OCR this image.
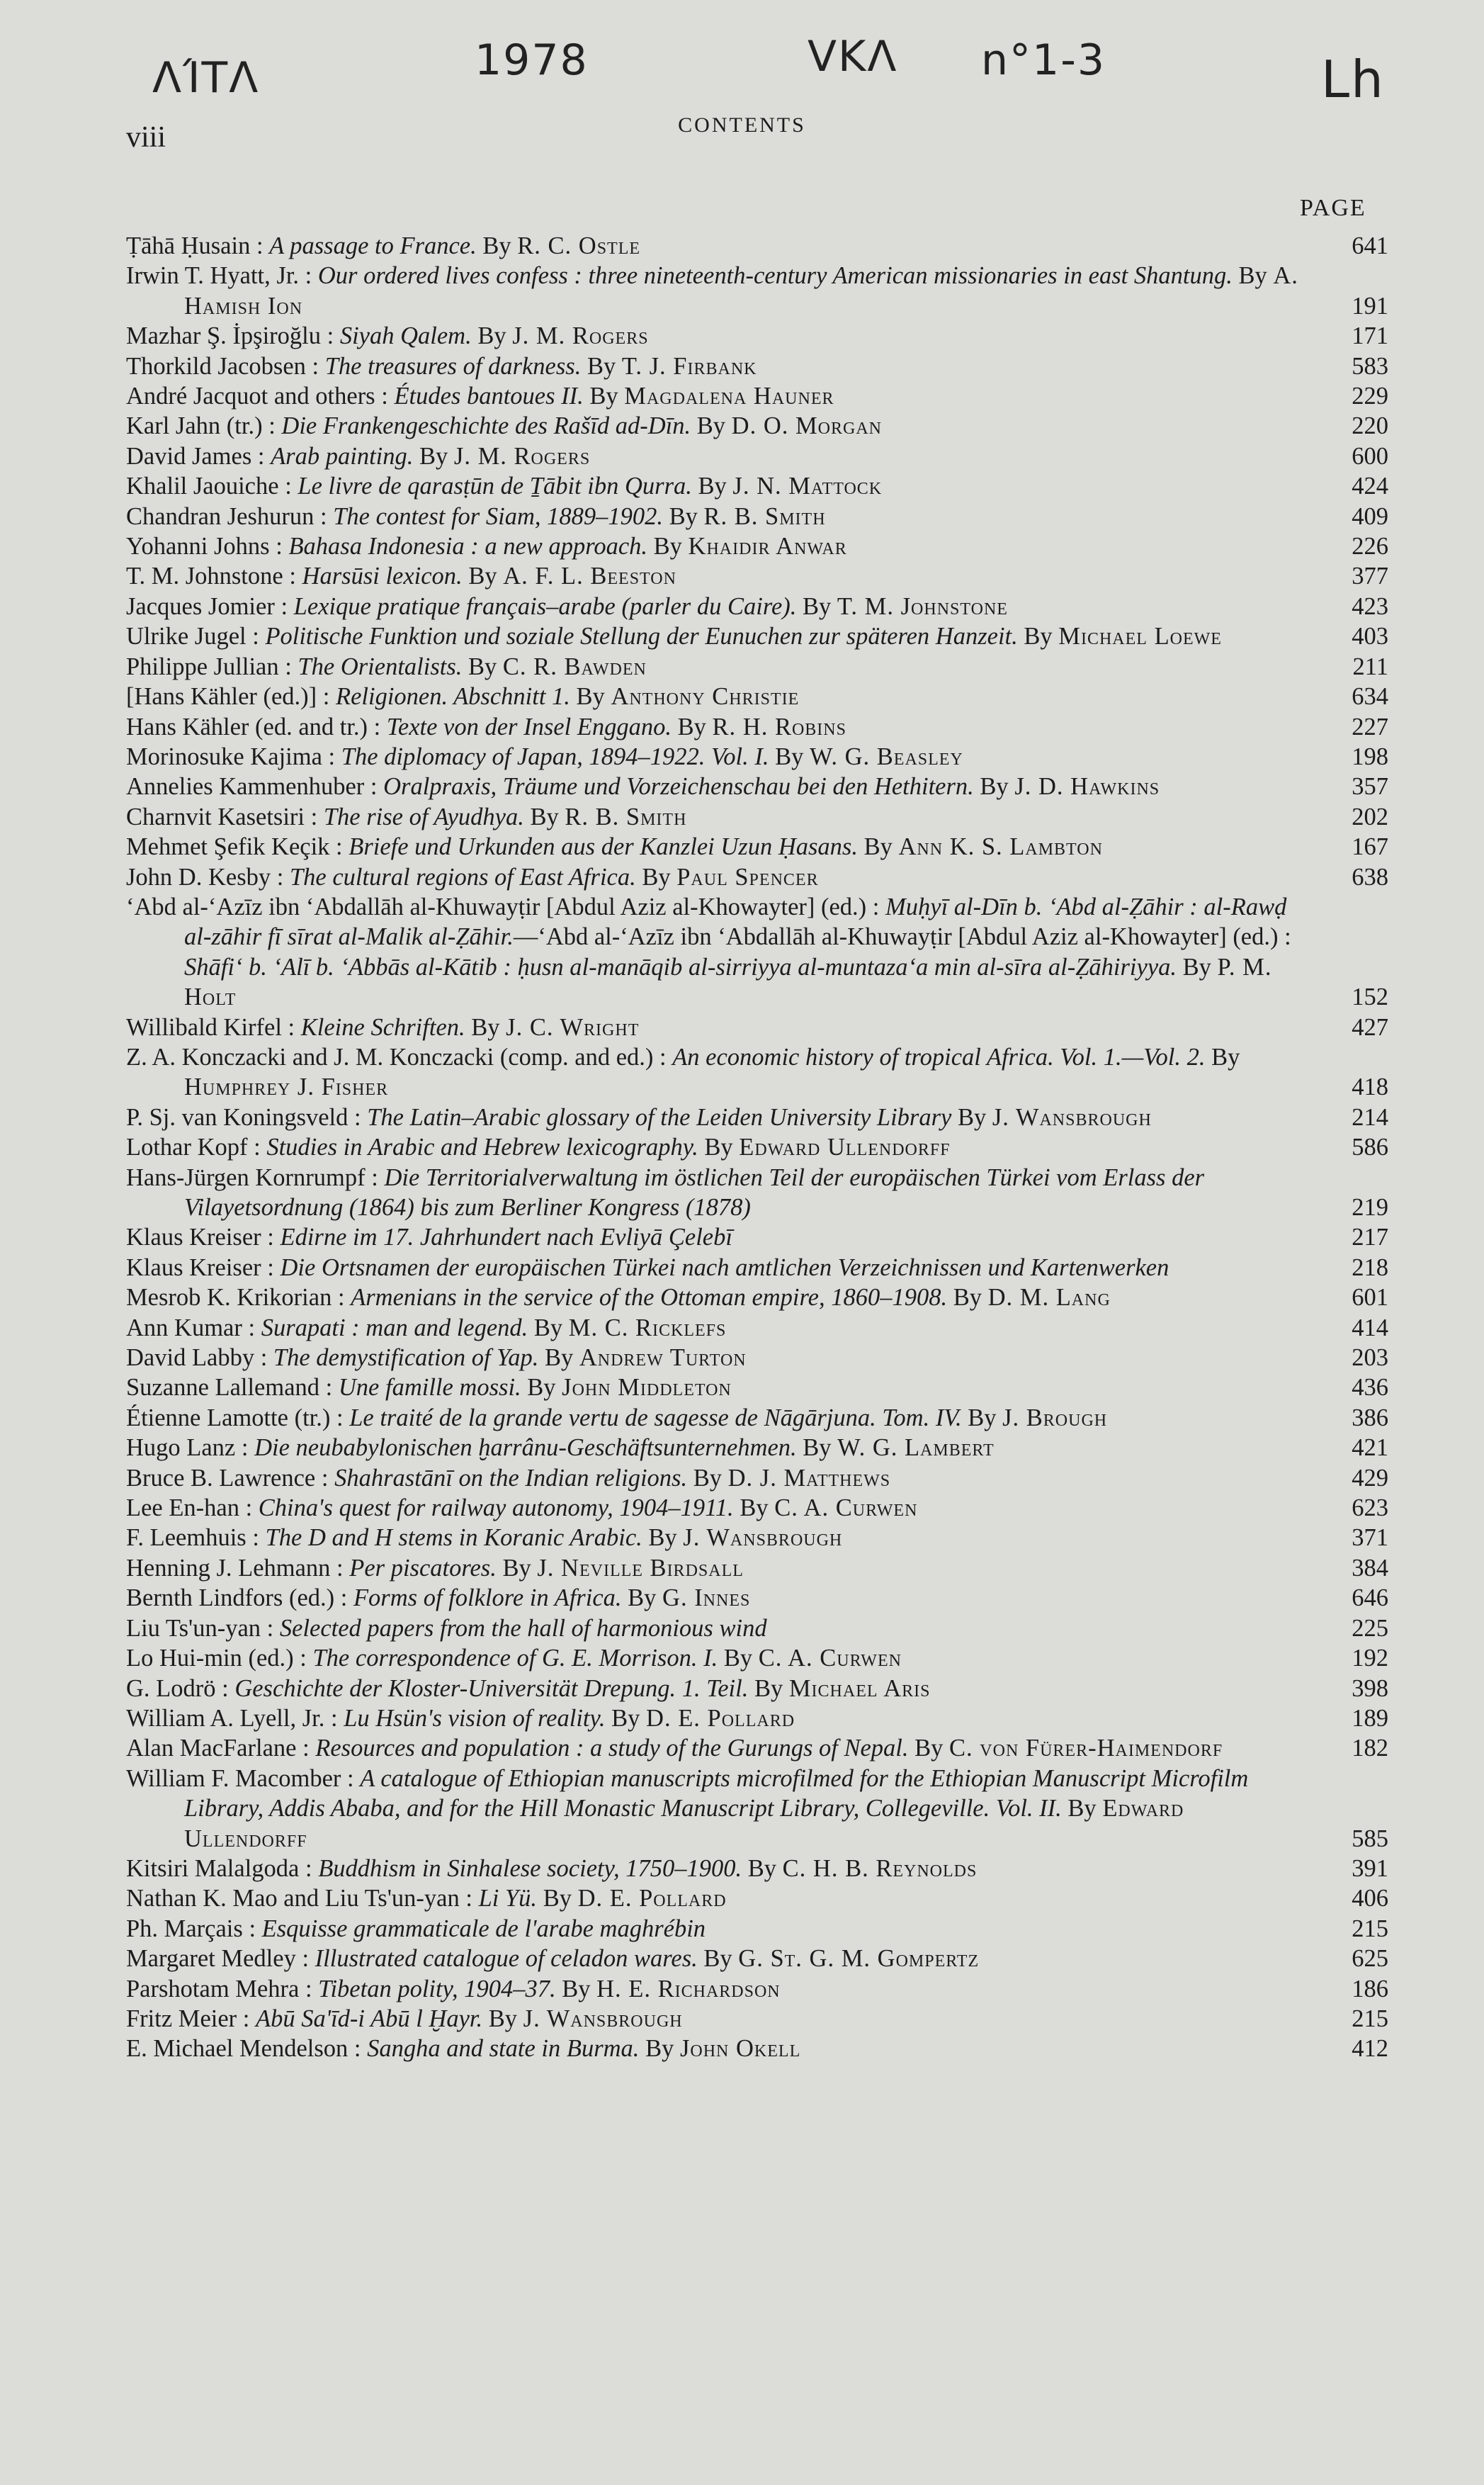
ΛΊΤΛ	1978	VΚΛ n°1-3	Lh
viii	CONTENTS
PAGE
Ṭāhā Ḥusain : A passage to France. By R. C. Ostle	641
Irwin T. Hyatt, Jr. : Our ordered lives confess : three nineteenth-century American missionaries in east Shantung. By A. Hamish Ion	191
Mazhar Ş. İpşiroğlu : Siyah Qalem. By J. M. Rogers	171
Thorkild Jacobsen : The treasures of darkness. By T. J. Firbank	583
André Jacquot and others : Études bantoues II. By Magdalena Hauner	229
Karl Jahn (tr.) : Die Frankengeschichte des Rašīd ad-Dīn. By D. O. Morgan	220
David James : Arab painting. By J. M. Rogers	600
Khalil Jaouiche : Le livre de qarasṭūn de Ṯābit ibn Qurra. By J. N. Mattock	424
Chandran Jeshurun : The contest for Siam, 1889–1902. By R. B. Smith	409
Yohanni Johns : Bahasa Indonesia : a new approach. By Khaidir Anwar	226
T. M. Johnstone : Harsūsi lexicon. By A. F. L. Beeston	377
Jacques Jomier : Lexique pratique français–arabe (parler du Caire). By T. M. Johnstone	423
Ulrike Jugel : Politische Funktion und soziale Stellung der Eunuchen zur späteren Hanzeit. By Michael Loewe	403
Philippe Jullian : The Orientalists. By C. R. Bawden	211
[Hans Kähler (ed.)] : Religionen. Abschnitt 1. By Anthony Christie	634
Hans Kähler (ed. and tr.) : Texte von der Insel Enggano. By R. H. Robins	227
Morinosuke Kajima : The diplomacy of Japan, 1894–1922. Vol. I. By W. G. Beasley	198
Annelies Kammenhuber : Oralpraxis, Träume und Vorzeichenschau bei den Hethitern. By J. D. Hawkins	357
Charnvit Kasetsiri : The rise of Ayudhya. By R. B. Smith	202
Mehmet Şefik Keçik : Briefe und Urkunden aus der Kanzlei Uzun Ḥasans. By Ann K. S. Lambton	167
John D. Kesby : The cultural regions of East Africa. By Paul Spencer	638
‘Abd al-‘Azīz ibn ‘Abdallāh al-Khuwayṭir [Abdul Aziz al-Khowayter] (ed.) : Muḥyī al-Dīn b. ‘Abd al-Ẓāhir : al-Rawḍ al-zāhir fī sīrat al-Malik al-Ẓāhir.—‘Abd al-‘Azīz ibn ‘Abdallāh al-Khuwayṭir [Abdul Aziz al-Khowayter] (ed.) : Shāfi‘ b. ‘Alī b. ‘Abbās al-Kātib : ḥusn al-manāqib al-sirriyya al-muntaza‘a min al-sīra al-Ẓāhiriyya. By P. M. Holt	152
Willibald Kirfel : Kleine Schriften. By J. C. Wright	427
Z. A. Konczacki and J. M. Konczacki (comp. and ed.) : An economic history of tropical Africa. Vol. 1.—Vol. 2. By Humphrey J. Fisher	418
P. Sj. van Koningsveld : The Latin–Arabic glossary of the Leiden University Library By J. Wansbrough	214
Lothar Kopf : Studies in Arabic and Hebrew lexicography. By Edward Ullendorff	586
Hans-Jürgen Kornrumpf : Die Territorialverwaltung im östlichen Teil der europäischen Türkei vom Erlass der Vilayetsordnung (1864) bis zum Berliner Kongress (1878)	219
Klaus Kreiser : Edirne im 17. Jahrhundert nach Evliyā Çelebī	217
Klaus Kreiser : Die Ortsnamen der europäischen Türkei nach amtlichen Verzeichnissen und Kartenwerken	218
Mesrob K. Krikorian : Armenians in the service of the Ottoman empire, 1860–1908. By D. M. Lang	601
Ann Kumar : Surapati : man and legend. By M. C. Ricklefs	414
David Labby : The demystification of Yap. By Andrew Turton	203
Suzanne Lallemand : Une famille mossi. By John Middleton	436
Étienne Lamotte (tr.) : Le traité de la grande vertu de sagesse de Nāgārjuna. Tom. IV. By J. Brough	386
Hugo Lanz : Die neubabylonischen ḫarrânu-Geschäftsunternehmen. By W. G. Lambert	421
Bruce B. Lawrence : Shahrastānī on the Indian religions. By D. J. Matthews	429
Lee En-han : China's quest for railway autonomy, 1904–1911. By C. A. Curwen	623
F. Leemhuis : The D and H stems in Koranic Arabic. By J. Wansbrough	371
Henning J. Lehmann : Per piscatores. By J. Neville Birdsall	384
Bernth Lindfors (ed.) : Forms of folklore in Africa. By G. Innes	646
Liu Ts'un-yan : Selected papers from the hall of harmonious wind	225
Lo Hui-min (ed.) : The correspondence of G. E. Morrison. I. By C. A. Curwen	192
G. Lodrö : Geschichte der Kloster-Universität Drepung. 1. Teil. By Michael Aris	398
William A. Lyell, Jr. : Lu Hsün's vision of reality. By D. E. Pollard	189
Alan MacFarlane : Resources and population : a study of the Gurungs of Nepal. By C. von Fürer-Haimendorf	182
William F. Macomber : A catalogue of Ethiopian manuscripts microfilmed for the Ethiopian Manuscript Microfilm Library, Addis Ababa, and for the Hill Monastic Manuscript Library, Collegeville. Vol. II. By Edward Ullendorff	585
Kitsiri Malalgoda : Buddhism in Sinhalese society, 1750–1900. By C. H. B. Reynolds	391
Nathan K. Mao and Liu Ts'un-yan : Li Yü. By D. E. Pollard	406
Ph. Marçais : Esquisse grammaticale de l'arabe maghrébin	215
Margaret Medley : Illustrated catalogue of celadon wares. By G. St. G. M. Gompertz	625
Parshotam Mehra : Tibetan polity, 1904–37. By H. E. Richardson	186
Fritz Meier : Abū Sa'īd-i Abū l Ḫayr. By J. Wansbrough	215
E. Michael Mendelson : Sangha and state in Burma. By John Okell	412
